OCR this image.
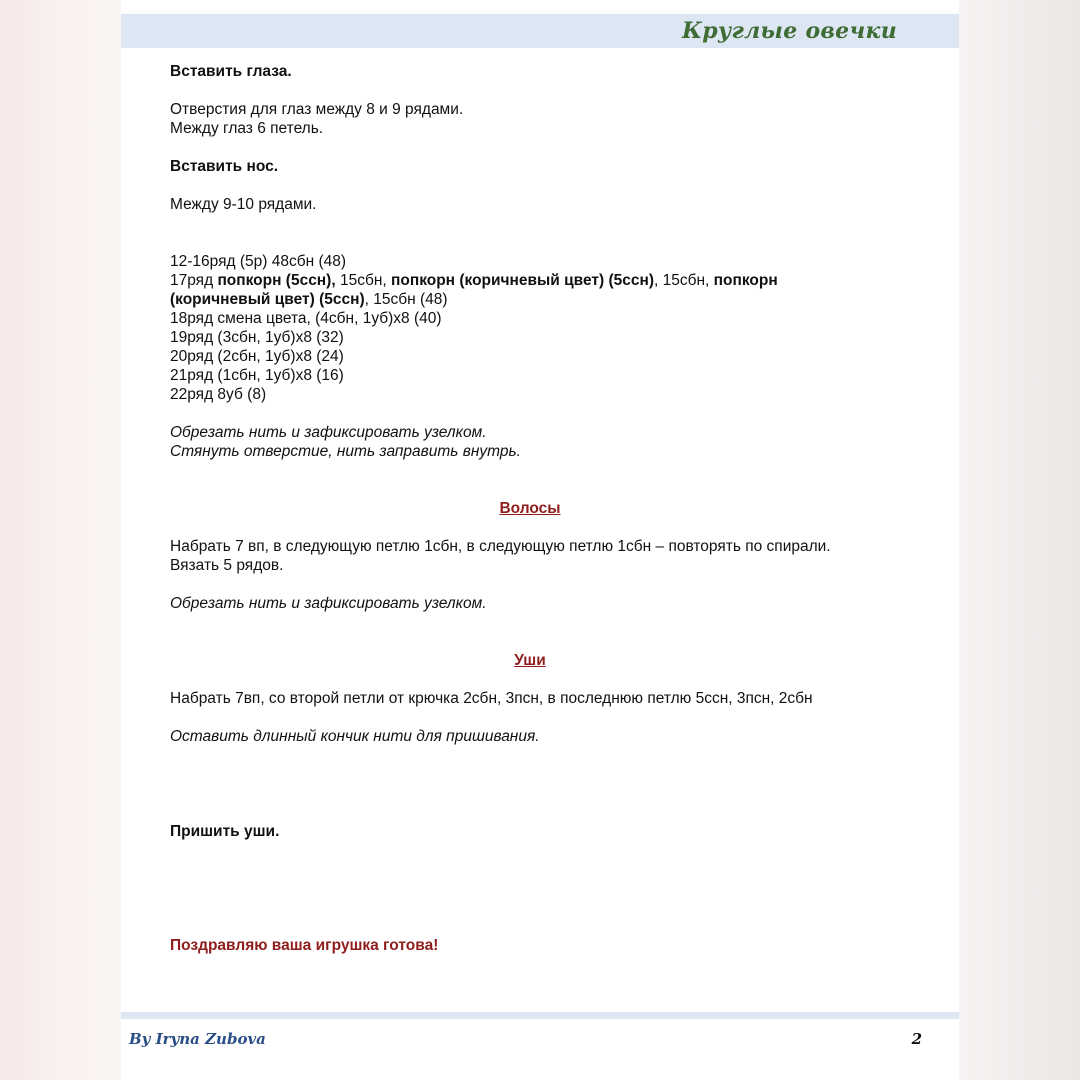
Круглые овечки

Вставить глаза.

Отверстия для глаз между 8 и 9 рядами.

Между глаз 6 петель.

Вставить нос.

Между 9-10 рядами.

12-16ряд (5р) 48сбн (48)

17ряд попкорн (5ссн), 15сбн, попкорн (коричневый цвет) (5ссн), 15сбн, попкорн

(коричневый цвет) (5ссн), 15сбн (48)

18ряд смена цвета, (4сбн, 1уб)х8 (40)

19ряд (3сбн, 1уб)х8 (32)

20ряд (2сбн, 1уб)х8 (24)

21ряд (1сбн, 1уб)х8 (16)

22ряд 8уб (8)

Обрезать нить и зафиксировать узелком.

Стянуть отверстие, нить заправить внутрь.

Волосы

Набрать 7 вп, в следующую петлю 1сбн, в следующую петлю 1сбн – повторять по спирали.

Вязать 5 рядов.

Обрезать нить и зафиксировать узелком.

Уши

Набрать 7вп, со второй петли от крючка 2сбн, 3псн, в последнюю петлю 5ссн, 3псн, 2сбн

Оставить длинный кончик нити для пришивания.

Пришить уши.

Поздравляю ваша игрушка готова!

By Iryna Zubova	2
